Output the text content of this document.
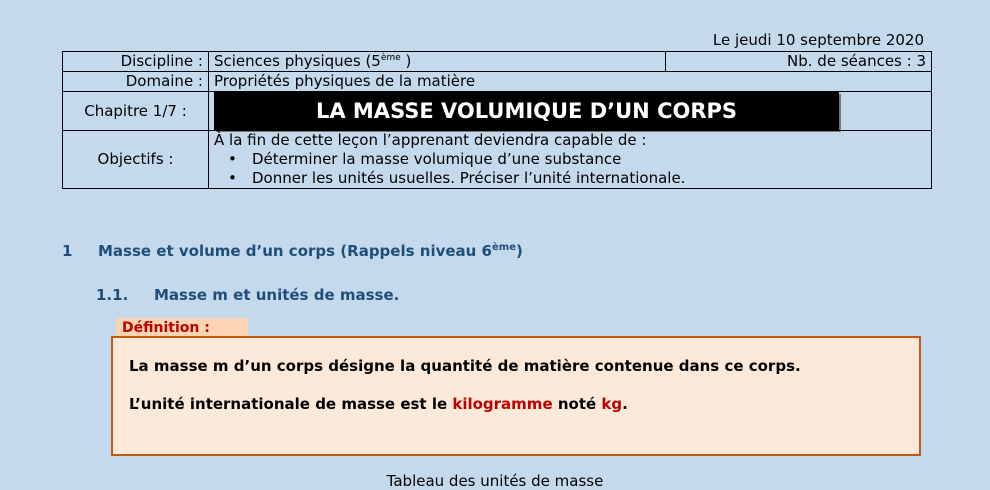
Le jeudi 10 septembre 2020
Discipline :	Sciences physiques (5ème )	Nb. de séances : 3
Domaine :	Propriétés physiques de la matière	
Chapitre 1/7 :	LA MASSE VOLUMIQUE D’UN CORPS	

Objectifs :	À la fin de cette leçon l’apprenant deviendra capable de :
• Déterminer la masse volumique d’une substance
• Donner les unités usuelles. Préciser l’unité internationale.	
1 Masse et volume d’un corps (Rappels niveau 6ème)
1.1. Masse m et unités de masse.
Définition :

La masse m d’un corps désigne la quantité de matière contenue dans ce corps.

L’unité internationale de masse est le kilogramme noté kg.

Tableau des unités de masse
